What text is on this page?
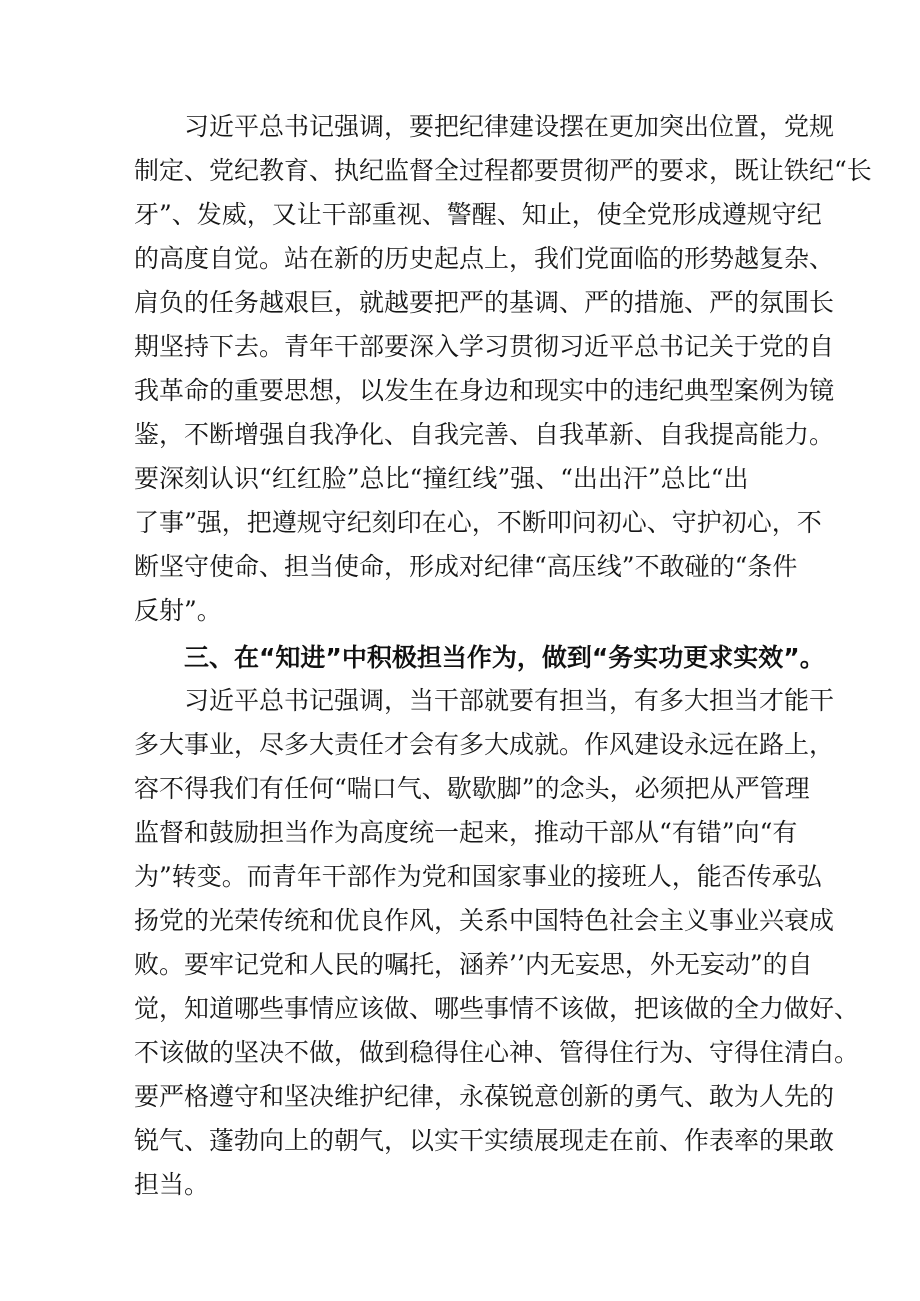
习近平总书记强调，要把纪律建设摆在更加突出位置，党规

制定、党纪教育、执纪监督全过程都要贯彻严的要求，既让铁纪“长

牙”、发威，又让干部重视、警醒、知止，使全党形成遵规守纪

的高度自觉。站在新的历史起点上，我们党面临的形势越复杂、

肩负的任务越艰巨，就越要把严的基调、严的措施、严的氛围长

期坚持下去。青年干部要深入学习贯彻习近平总书记关于党的自

我革命的重要思想，以发生在身边和现实中的违纪典型案例为镜

鉴，不断增强自我净化、自我完善、自我革新、自我提高能力。

要深刻认识“红红脸”总比“撞红线”强、“出出汗”总比“出

了事”强，把遵规守纪刻印在心，不断叩问初心、守护初心，不

断坚守使命、担当使命，形成对纪律“高压线”不敢碰的“条件

反射”。

三、在“知进”中积极担当作为，做到“务实功更求实效”。

习近平总书记强调，当干部就要有担当，有多大担当才能干

多大事业，尽多大责任才会有多大成就。作风建设永远在路上，

容不得我们有任何“喘口气、歇歇脚”的念头，必须把从严管理

监督和鼓励担当作为高度统一起来，推动干部从“有错”向“有

为”转变。而青年干部作为党和国家事业的接班人，能否传承弘

扬党的光荣传统和优良作风，关系中国特色社会主义事业兴衰成

败。要牢记党和人民的嘱托，涵养’’内无妄思，外无妄动”的自

觉，知道哪些事情应该做、哪些事情不该做，把该做的全力做好、

不该做的坚决不做，做到稳得住心神、管得住行为、守得住清白。

要严格遵守和坚决维护纪律，永葆锐意创新的勇气、敢为人先的

锐气、蓬勃向上的朝气，以实干实绩展现走在前、作表率的果敢

担当。
